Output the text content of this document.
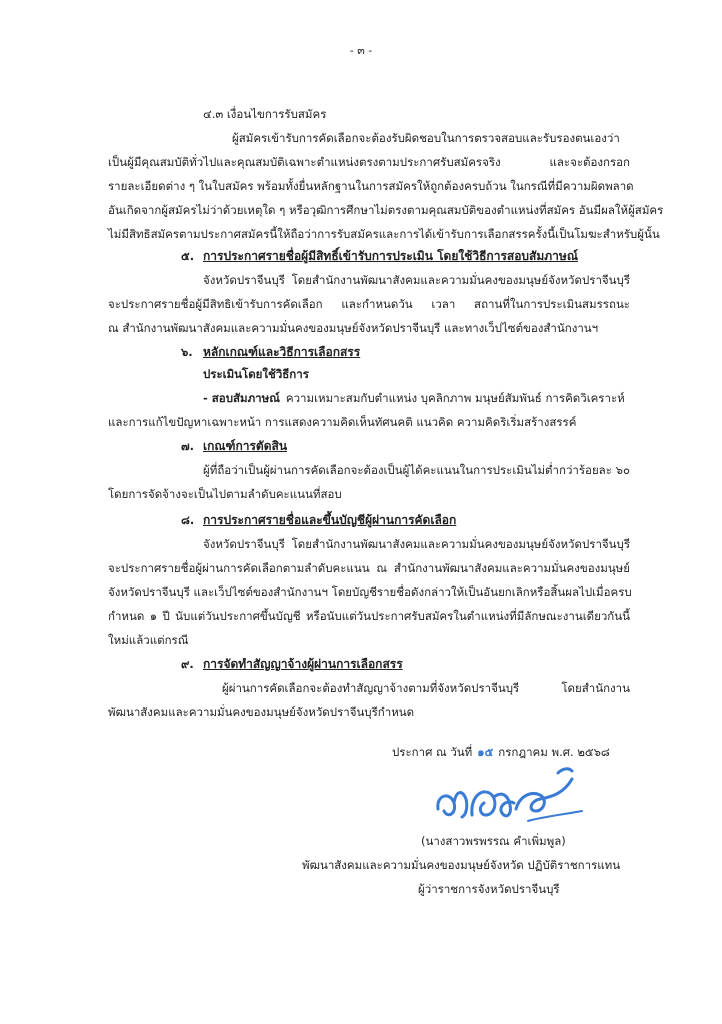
- ๓ -
๔.๓ เงื่อนไขการรับสมัคร
ผู้สมัครเข้ารับการคัดเลือกจะต้องรับผิดชอบในการตรวจสอบและรับรองตนเองว่า
เป็นผู้มีคุณสมบัติทั่วไปและคุณสมบัติเฉพาะตำแหน่งตรงตามประกาศรับสมัครจริง และจะต้องกรอก
รายละเอียดต่าง ๆ ในใบสมัคร พร้อมทั้งยื่นหลักฐานในการสมัครให้ถูกต้องครบถ้วน ในกรณีที่มีความผิดพลาด
อันเกิดจากผู้สมัครไม่ว่าด้วยเหตุใด ๆ หรือวุฒิการศึกษาไม่ตรงตามคุณสมบัติของตำแหน่งที่สมัคร อันมีผลให้ผู้สมัคร
ไม่มีสิทธิสมัครตามประกาศสมัครนี้ให้ถือว่าการรับสมัครและการได้เข้ารับการเลือกสรรครั้งนี้เป็นโมฆะสำหรับผู้นั้น
๕. การประกาศรายชื่อผู้มีสิทธิ์เข้ารับการประเมิน โดยใช้วิธีการสอบสัมภาษณ์
จังหวัดปราจีนบุรี โดยสำนักงานพัฒนาสังคมและความมั่นคงของมนุษย์จังหวัดปราจีนบุรี
จะประกาศรายชื่อผู้มีสิทธิเข้ารับการคัดเลือก และกำหนดวัน เวลา สถานที่ในการประเมินสมรรถนะ
ณ สำนักงานพัฒนาสังคมและความมั่นคงของมนุษย์จังหวัดปราจีนบุรี และทางเว็ปไซต์ของสำนักงานฯ
๖. หลักเกณฑ์และวิธีการเลือกสรร
ประเมินโดยใช้วิธีการ
- สอบสัมภาษณ์ ความเหมาะสมกับตำแหน่ง บุคลิกภาพ มนุษย์สัมพันธ์ การคิดวิเคราะห์
และการแก้ไขปัญหาเฉพาะหน้า การแสดงความคิดเห็นทัศนคติ แนวคิด ความคิดริเริ่มสร้างสรรค์
๗. เกณฑ์การตัดสิน
ผู้ที่ถือว่าเป็นผู้ผ่านการคัดเลือกจะต้องเป็นผู้ได้คะแนนในการประเมินไม่ต่ำกว่าร้อยละ ๖๐
โดยการจัดจ้างจะเป็นไปตามลำดับคะแนนที่สอบ
๘. การประกาศรายชื่อและขึ้นบัญชีผู้ผ่านการคัดเลือก
จังหวัดปราจีนบุรี โดยสำนักงานพัฒนาสังคมและความมั่นคงของมนุษย์จังหวัดปราจีนบุรี
จะประกาศรายชื่อผู้ผ่านการคัดเลือกตามลำดับคะแนน ณ สำนักงานพัฒนาสังคมและความมั่นคงของมนุษย์
จังหวัดปราจีนบุรี และเว็ปไซต์ของสำนักงานฯ โดยบัญชีรายชื่อดังกล่าวให้เป็นอันยกเลิกหรือสิ้นผลไปเมื่อครบ
กำหนด ๑ ปี นับแต่วันประกาศขึ้นบัญชี หรือนับแต่วันประกาศรับสมัครในตำแหน่งที่มีลักษณะงานเดียวกันนี้
ใหม่แล้วแต่กรณี
๙. การจัดทำสัญญาจ้างผู้ผ่านการเลือกสรร
ผู้ผ่านการคัดเลือกจะต้องทำสัญญาจ้างตามที่จังหวัดปราจีนบุรี โดยสำนักงาน
พัฒนาสังคมและความมั่นคงของมนุษย์จังหวัดปราจีนบุรีกำหนด
ประกาศ ณ วันที่ ๑๕ กรกฎาคม พ.ศ. ๒๕๖๘
(นางสาวพรพรรณ คำเพิ่มพูล)
พัฒนาสังคมและความมั่นคงของมนุษย์จังหวัด ปฏิบัติราชการแทน
ผู้ว่าราชการจังหวัดปราจีนบุรี
